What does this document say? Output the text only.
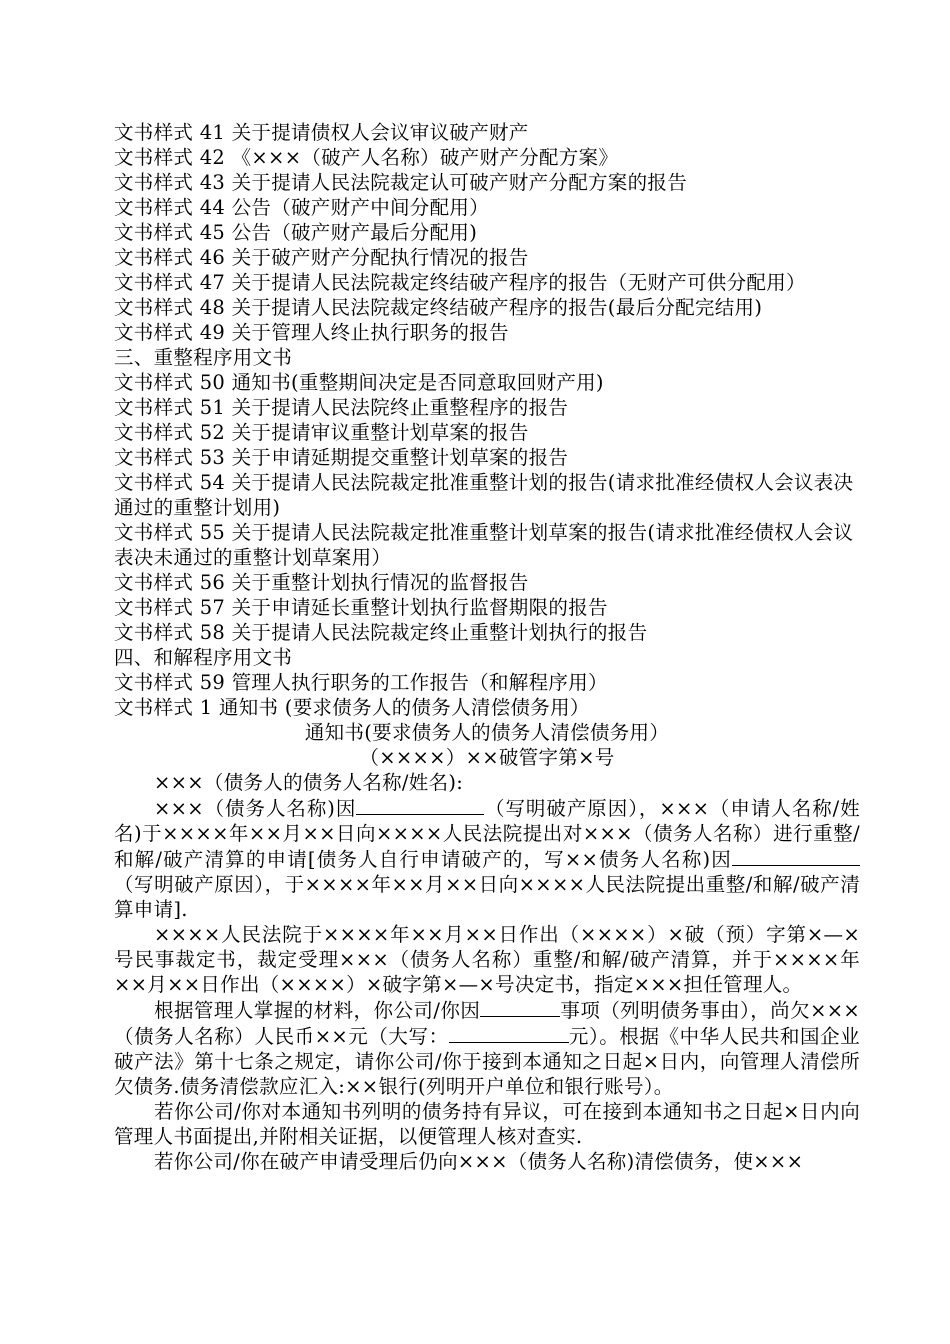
文书样式 41 关于提请债权人会议审议破产财产
文书样式 42 《×××（破产人名称）破产财产分配方案》
文书样式 43 关于提请人民法院裁定认可破产财产分配方案的报告
文书样式 44 公告（破产财产中间分配用）
文书样式 45 公告（破产财产最后分配用)
文书样式 46 关于破产财产分配执行情况的报告
文书样式 47 关于提请人民法院裁定终结破产程序的报告（无财产可供分配用）
文书样式 48 关于提请人民法院裁定终结破产程序的报告(最后分配完结用)
文书样式 49 关于管理人终止执行职务的报告
三、重整程序用文书
文书样式 50 通知书(重整期间决定是否同意取回财产用)
文书样式 51 关于提请人民法院终止重整程序的报告
文书样式 52 关于提请审议重整计划草案的报告
文书样式 53 关于申请延期提交重整计划草案的报告
文书样式 54 关于提请人民法院裁定批准重整计划的报告(请求批准经债权人会议表决通过的重整计划用)
文书样式 55 关于提请人民法院裁定批准重整计划草案的报告(请求批准经债权人会议表决未通过的重整计划草案用）
文书样式 56 关于重整计划执行情况的监督报告
文书样式 57 关于申请延长重整计划执行监督期限的报告
文书样式 58 关于提请人民法院裁定终止重整计划执行的报告
四、和解程序用文书
文书样式 59 管理人执行职务的工作报告（和解程序用）
文书样式 1 通知书 (要求债务人的债务人清偿债务用）
通知书(要求债务人的债务人清偿债务用）
（××××）××破管字第×号
×××（债务人的债务人名称/姓名):
×××（债务人名称)因	（写明破产原因），×××（申请人名称/姓名)于××××年××月××日向××××人民法院提出对×××（债务人名称）进行重整/和解/破产清算的申请[债务人自行申请破产的，写××债务人名称)因（写明破产原因），于××××年××月××日向××××人民法院提出重整/和解/破产清算申请].
××××人民法院于××××年××月××日作出（××××）×破（预）字第×—×号民事裁定书，裁定受理×××（债务人名称）重整/和解/破产清算，并于××××年××月××日作出（××××）×破字第×—×号决定书，指定×××担任管理人。
根据管理人掌握的材料，你公司/你因	事项（列明债务事由），尚欠×××（债务人名称）人民币××元（大写：	元）。根据《中华人民共和国企业破产法》第十七条之规定，请你公司/你于接到本通知之日起×日内，向管理人清偿所欠债务.债务清偿款应汇入:××银行(列明开户单位和银行账号）。
若你公司/你对本通知书列明的债务持有异议，可在接到本通知书之日起×日内向管理人书面提出,并附相关证据，以便管理人核对查实.
若你公司/你在破产申请受理后仍向×××（债务人名称)清偿债务，使×××
